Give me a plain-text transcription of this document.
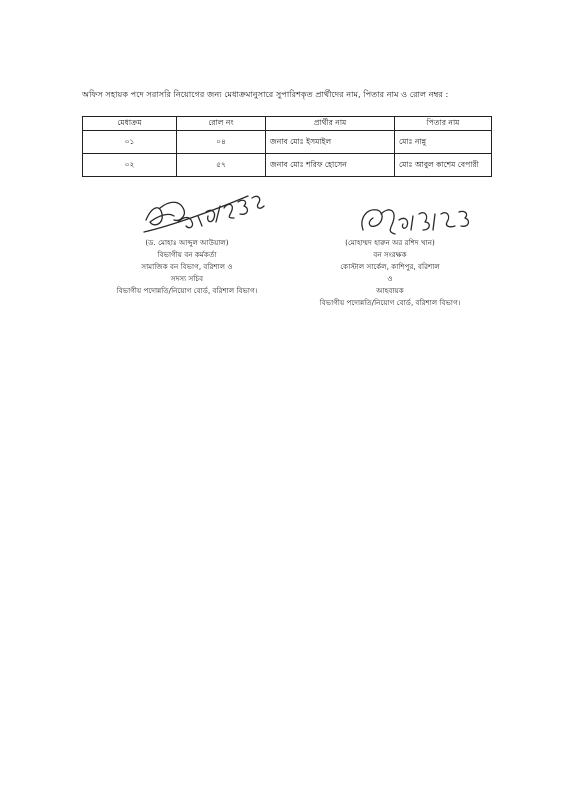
অফিস সহায়ক পদে সরাসরি নিয়োগের জন্য মেধাক্রমানুসারে সুপারিশকৃত প্রার্থীদের নাম, পিতার নাম ও রোল নম্বর :
মেধাক্রম	রোল নং	প্রার্থীর নাম	পিতার নাম
০১	০৪	জনাব মোঃ ইসমাইল	মোঃ নান্নু
০২	৫৭	জনাব মোঃ শরিফ হোসেন	মোঃ আবুল কাশেম বেপারী
(ড. মোহাঃ আব্দুল আউয়াল)
বিভাগীয় বন কর্মকর্তা
সামাজিক বন বিভাগ, বরিশাল ও
সদস্য সচিব
বিভাগীয় পদোন্নতি/নিয়োগ বোর্ড, বরিশাল বিভাগ।
(মোহাম্মদ হারুন অর রশিদ খান)
বন সংরক্ষক
কোস্টাল সার্কেল, কাশিপুর, বরিশাল
ও
আহবায়ক
বিভাগীয় পদোন্নতি/নিয়োগ বোর্ড, বরিশাল বিভাগ।
